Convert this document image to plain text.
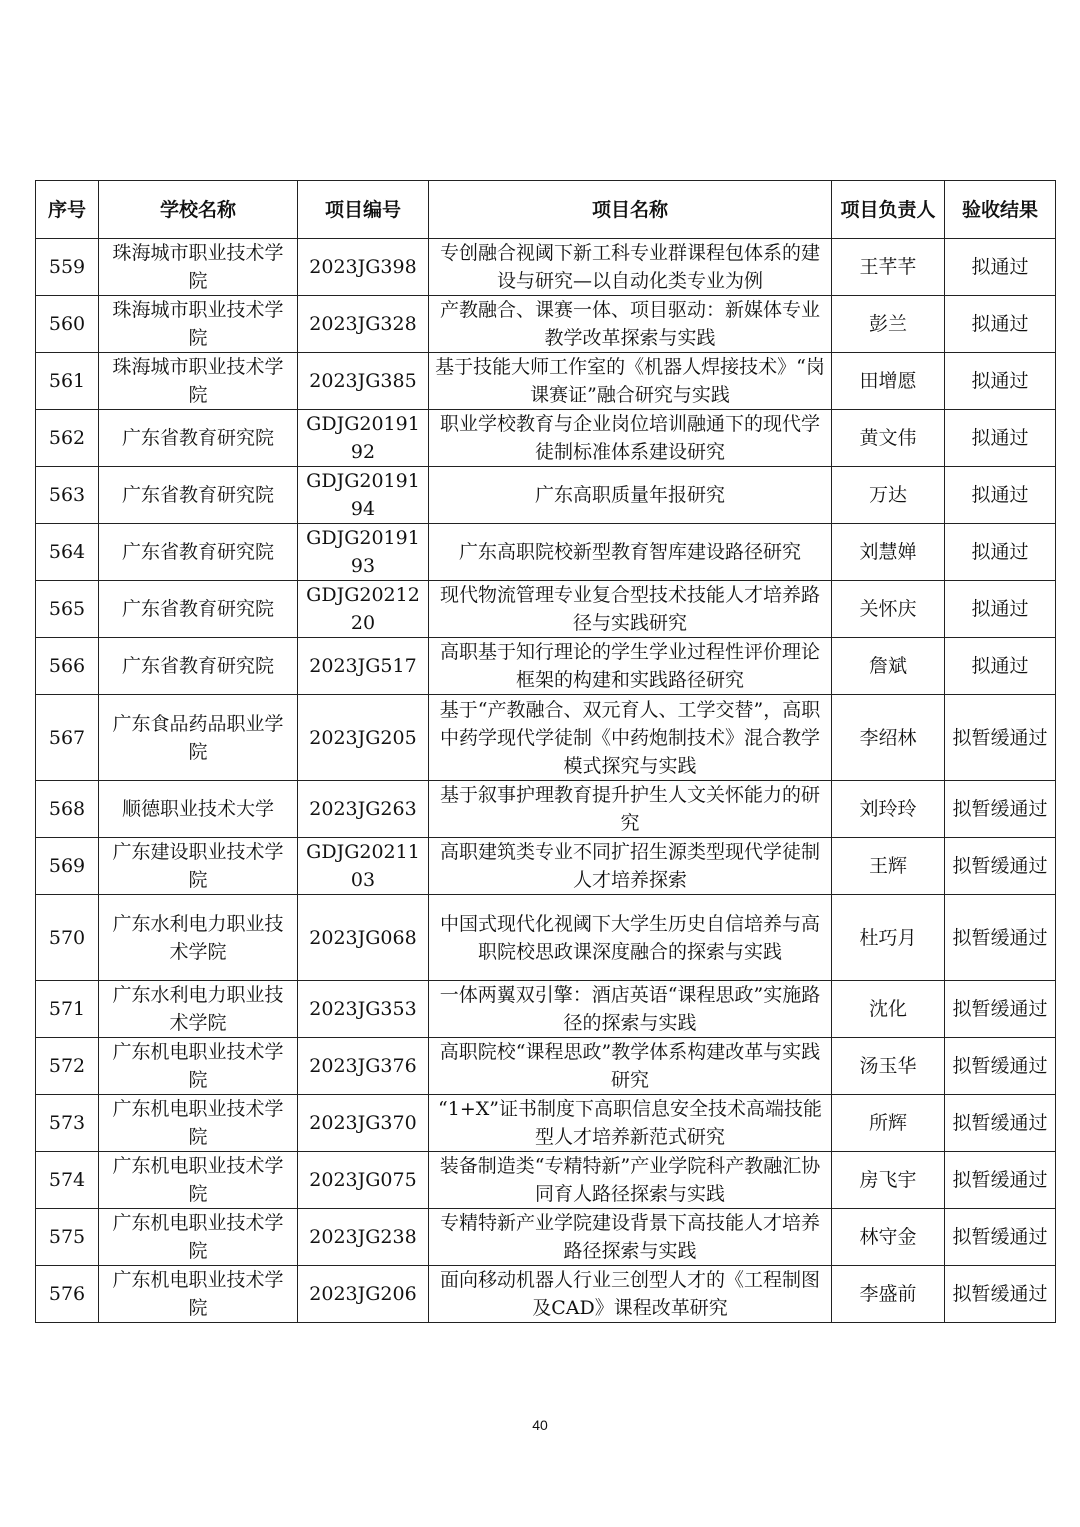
序号	学校名称	项目编号	项目名称	项目负责人	验收结果
559	珠海城市职业技术学院	2023JG398	专创融合视阈下新工科专业群课程包体系的建设与研究—以自动化类专业为例	王芊芊	拟通过
560	珠海城市职业技术学院	2023JG328	产教融合、课赛一体、项目驱动：新媒体专业教学改革探索与实践	彭兰	拟通过
561	珠海城市职业技术学院	2023JG385	基于技能大师工作室的《机器人焊接技术》“岗课赛证”融合研究与实践	田增愿	拟通过
562	广东省教育研究院	GDJG2019192	职业学校教育与企业岗位培训融通下的现代学徒制标准体系建设研究	黄文伟	拟通过
563	广东省教育研究院	GDJG2019194	广东高职质量年报研究	万达	拟通过
564	广东省教育研究院	GDJG2019193	广东高职院校新型教育智库建设路径研究	刘慧婵	拟通过
565	广东省教育研究院	GDJG2021220	现代物流管理专业复合型技术技能人才培养路径与实践研究	关怀庆	拟通过
566	广东省教育研究院	2023JG517	高职基于知行理论的学生学业过程性评价理论框架的构建和实践路径研究	詹斌	拟通过
567	广东食品药品职业学院	2023JG205	基于“产教融合、双元育人、工学交替”，高职中药学现代学徒制《中药炮制技术》混合教学模式探究与实践	李绍林	拟暂缓通过
568	顺德职业技术大学	2023JG263	基于叙事护理教育提升护生人文关怀能力的研究	刘玲玲	拟暂缓通过
569	广东建设职业技术学院	GDJG2021103	高职建筑类专业不同扩招生源类型现代学徒制人才培养探索	王辉	拟暂缓通过
570	广东水利电力职业技术学院	2023JG068	中国式现代化视阈下大学生历史自信培养与高职院校思政课深度融合的探索与实践	杜巧月	拟暂缓通过
571	广东水利电力职业技术学院	2023JG353	一体两翼双引擎：酒店英语“课程思政”实施路径的探索与实践	沈化	拟暂缓通过
572	广东机电职业技术学院	2023JG376	高职院校“课程思政”教学体系构建改革与实践研究	汤玉华	拟暂缓通过
573	广东机电职业技术学院	2023JG370	“1+X”证书制度下高职信息安全技术高端技能型人才培养新范式研究	所辉	拟暂缓通过
574	广东机电职业技术学院	2023JG075	装备制造类“专精特新”产业学院科产教融汇协同育人路径探索与实践	房飞宇	拟暂缓通过
575	广东机电职业技术学院	2023JG238	专精特新产业学院建设背景下高技能人才培养路径探索与实践	林守金	拟暂缓通过
576	广东机电职业技术学院	2023JG206	面向移动机器人行业三创型人才的《工程制图及CAD》课程改革研究	李盛前	拟暂缓通过
40
